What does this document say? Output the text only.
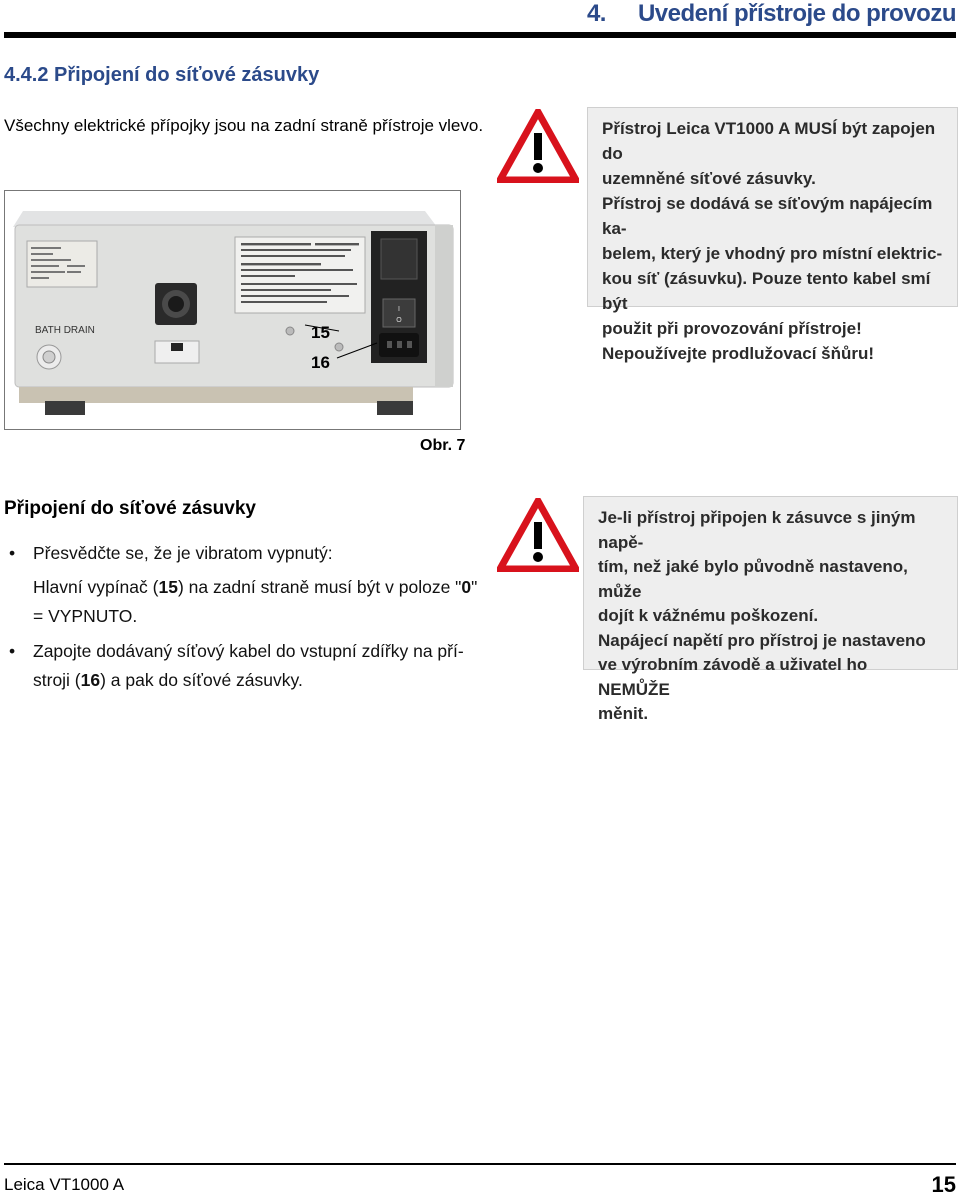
4. Uvedení přístroje do provozu
4.4.2 Připojení do síťové zásuvky
Všechny elektrické přípojky jsou na zadní straně přístroje vlevo.	Přístroj Leica VT1000 A MUSÍ být zapojen do

uzemněné síťové zásuvky.

Přístroj se dodává se síťovým napájecím ka-

belem, který je vhodný pro místní elektric-

kou síť (zásuvku). Pouze tento kabel smí být

použit při provozování přístroje!

Nepoužívejte prodlužovací šňůru!

I
O
BATH DRAIN	15
16
Obr. 7
Připojení do síťové zásuvky
• Přesvědčte se, že je vibratom vypnutý:
Hlavní vypínač (15) na zadní straně musí být v poloze "0"
= VYPNUTO.
• Zapojte dodávaný síťový kabel do vstupní zdířky na pří-
stroji (16) a pak do síťové zásuvky.

Je-li přístroj připojen k zásuvce s jiným napě-

tím, než jaké bylo původně nastaveno, může

dojít k vážnému poškození.

Napájecí napětí pro přístroj je nastaveno

ve výrobním závodě a uživatel ho NEMŮŽE

měnit.

Leica VT1000 A	15
